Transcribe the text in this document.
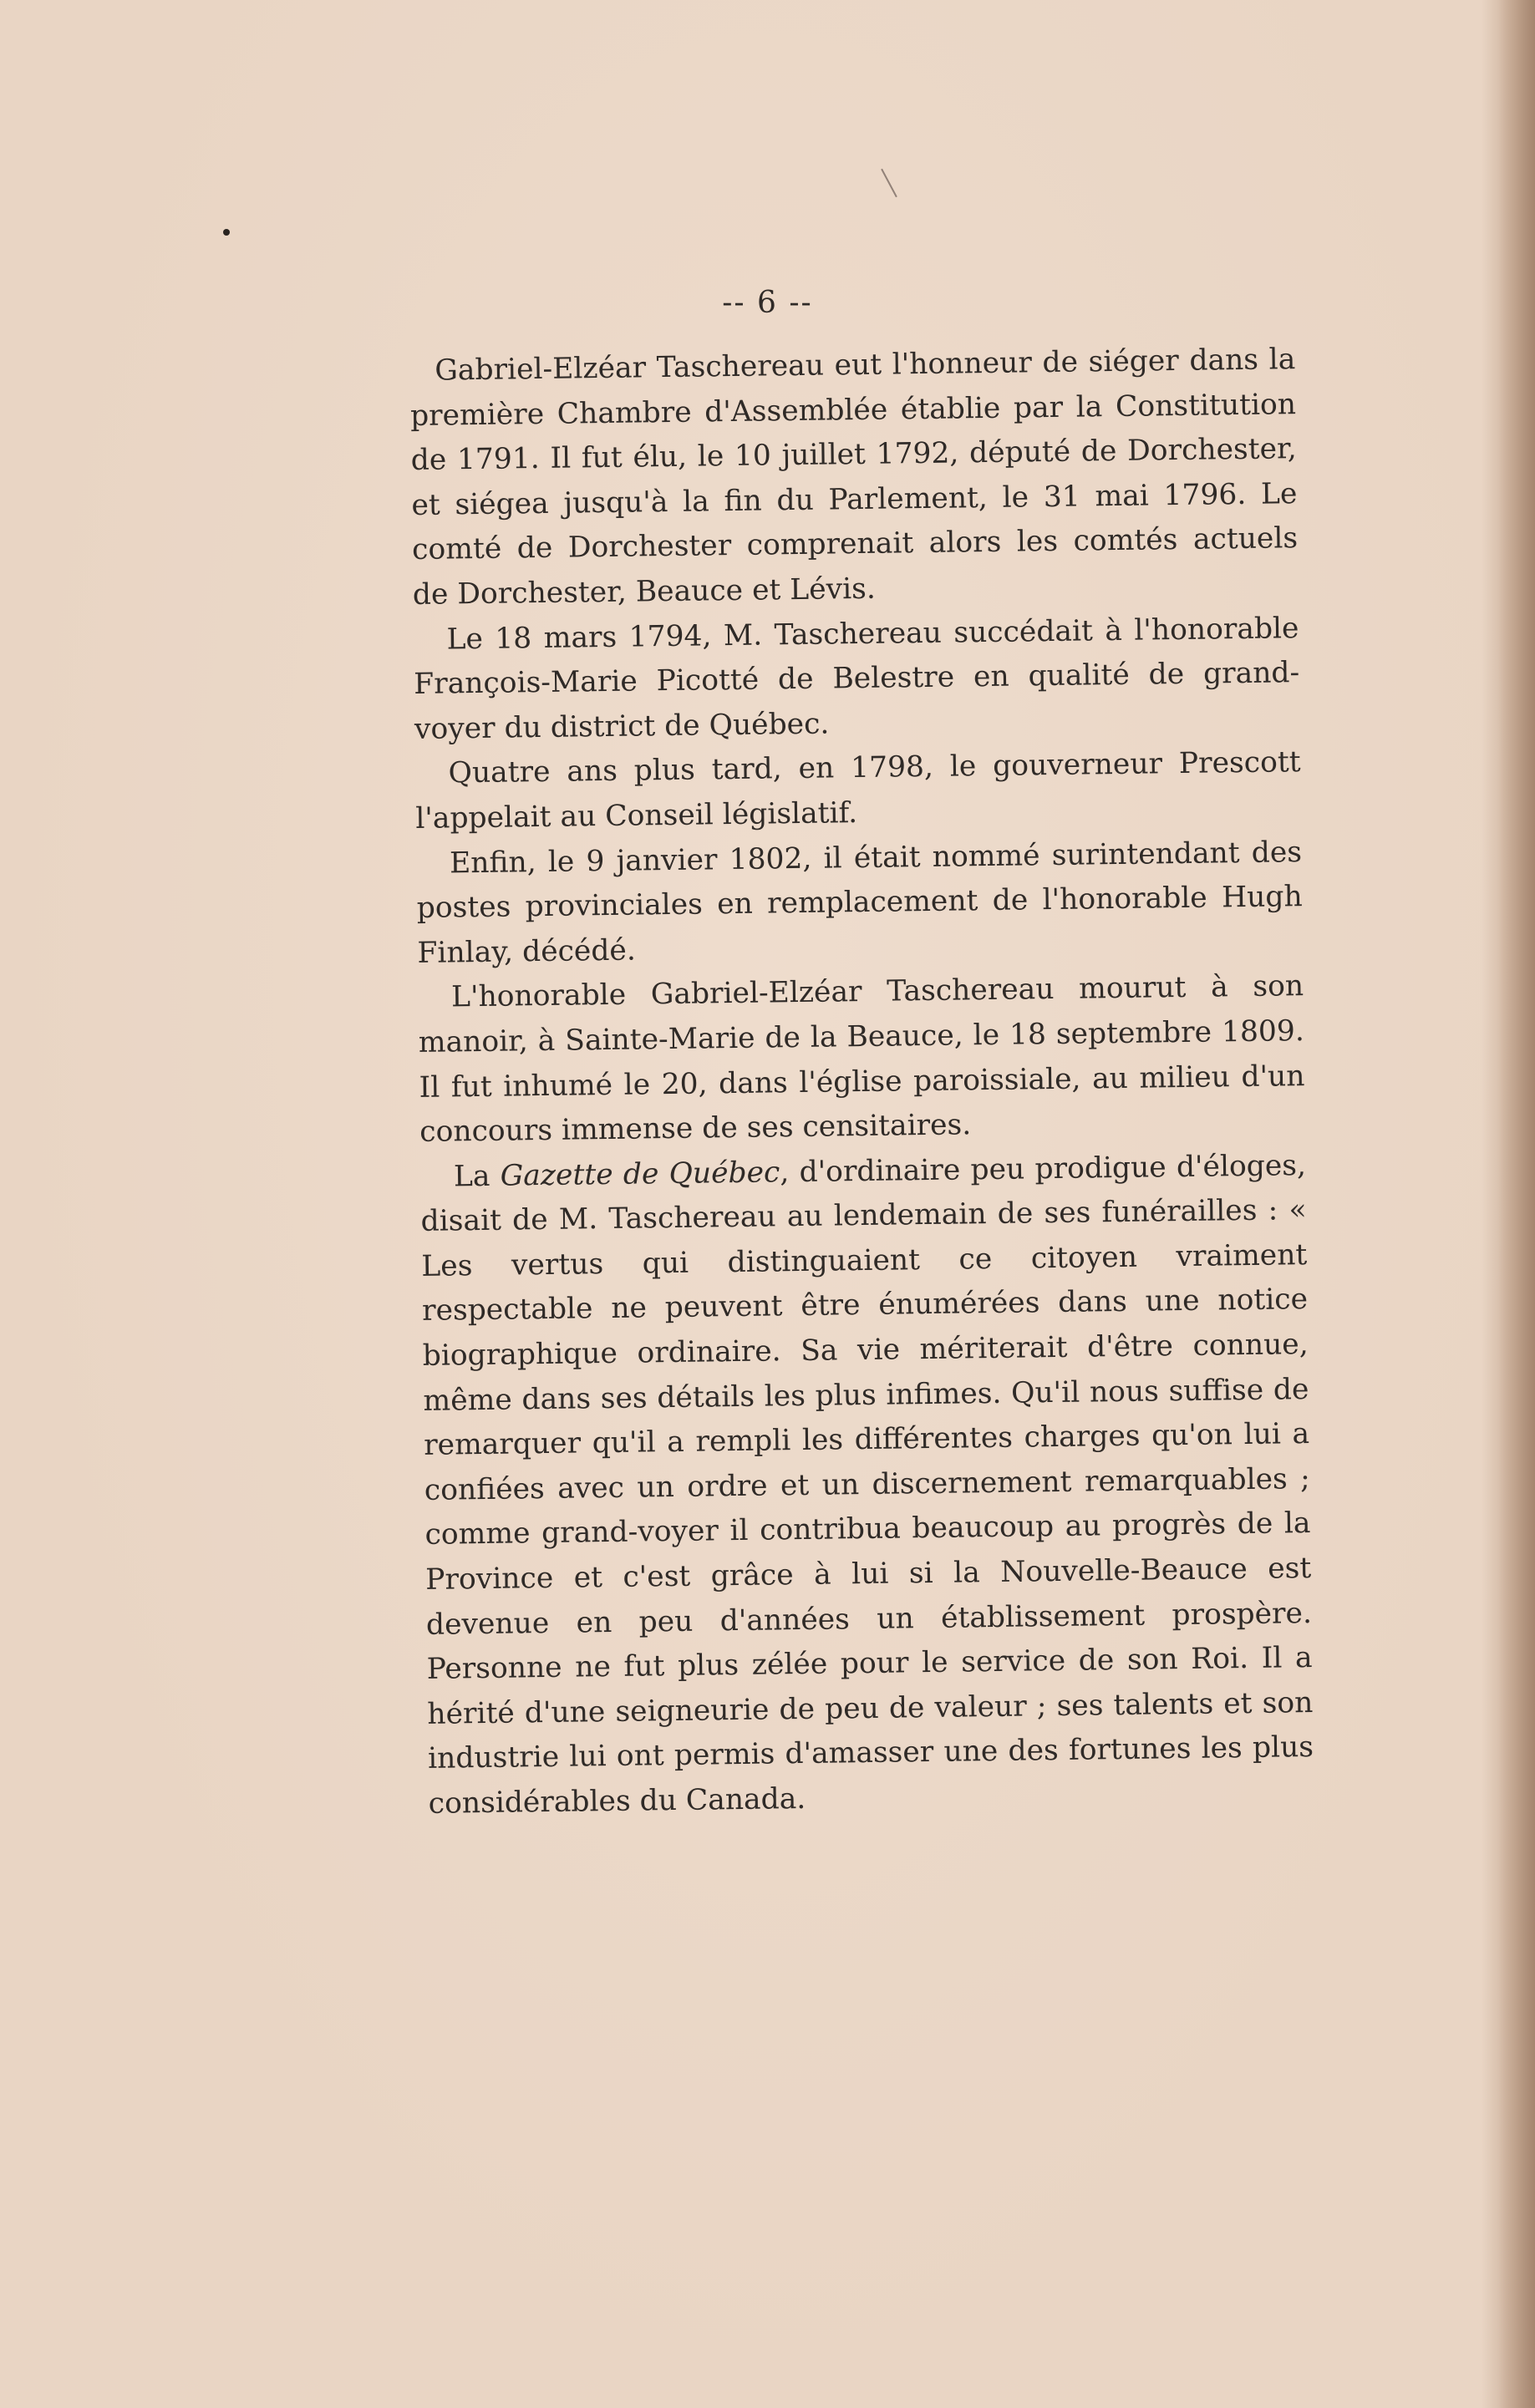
-- 6 --

Gabriel-Elzéar Taschereau eut l'honneur de siéger dans la première Chambre d'Assemblée établie par la Constitution de 1791. Il fut élu, le 10 juillet 1792, député de Dorchester, et siégea jusqu'à la fin du Parlement, le 31 mai 1796. Le comté de Dorchester comprenait alors les comtés actuels de Dorchester, Beauce et Lévis.

Le 18 mars 1794, M. Taschereau succédait à l'honorable François-Marie Picotté de Belestre en qualité de grand-voyer du district de Québec.

Quatre ans plus tard, en 1798, le gouverneur Prescott l'appelait au Conseil législatif.

Enfin, le 9 janvier 1802, il était nommé surintendant des postes provinciales en remplacement de l'honorable Hugh Finlay, décédé.

L'honorable Gabriel-Elzéar Taschereau mourut à son manoir, à Sainte-Marie de la Beauce, le 18 septembre 1809. Il fut inhumé le 20, dans l'église paroissiale, au milieu d'un concours immense de ses censitaires.

La Gazette de Québec, d'ordinaire peu prodigue d'éloges, disait de M. Taschereau au lendemain de ses funérailles : « Les vertus qui distinguaient ce citoyen vraiment respectable ne peuvent être énumérées dans une notice biographique ordinaire. Sa vie mériterait d'être connue, même dans ses détails les plus infimes. Qu'il nous suffise de remarquer qu'il a rempli les différentes charges qu'on lui a confiées avec un ordre et un discernement remarquables ; comme grand-voyer il contribua beaucoup au progrès de la Province et c'est grâce à lui si la Nouvelle-Beauce est devenue en peu d'années un établissement prospère. Personne ne fut plus zélée pour le service de son Roi. Il a hérité d'une seigneurie de peu de valeur ; ses talents et son industrie lui ont permis d'amasser une des fortunes les plus considérables du Canada.
